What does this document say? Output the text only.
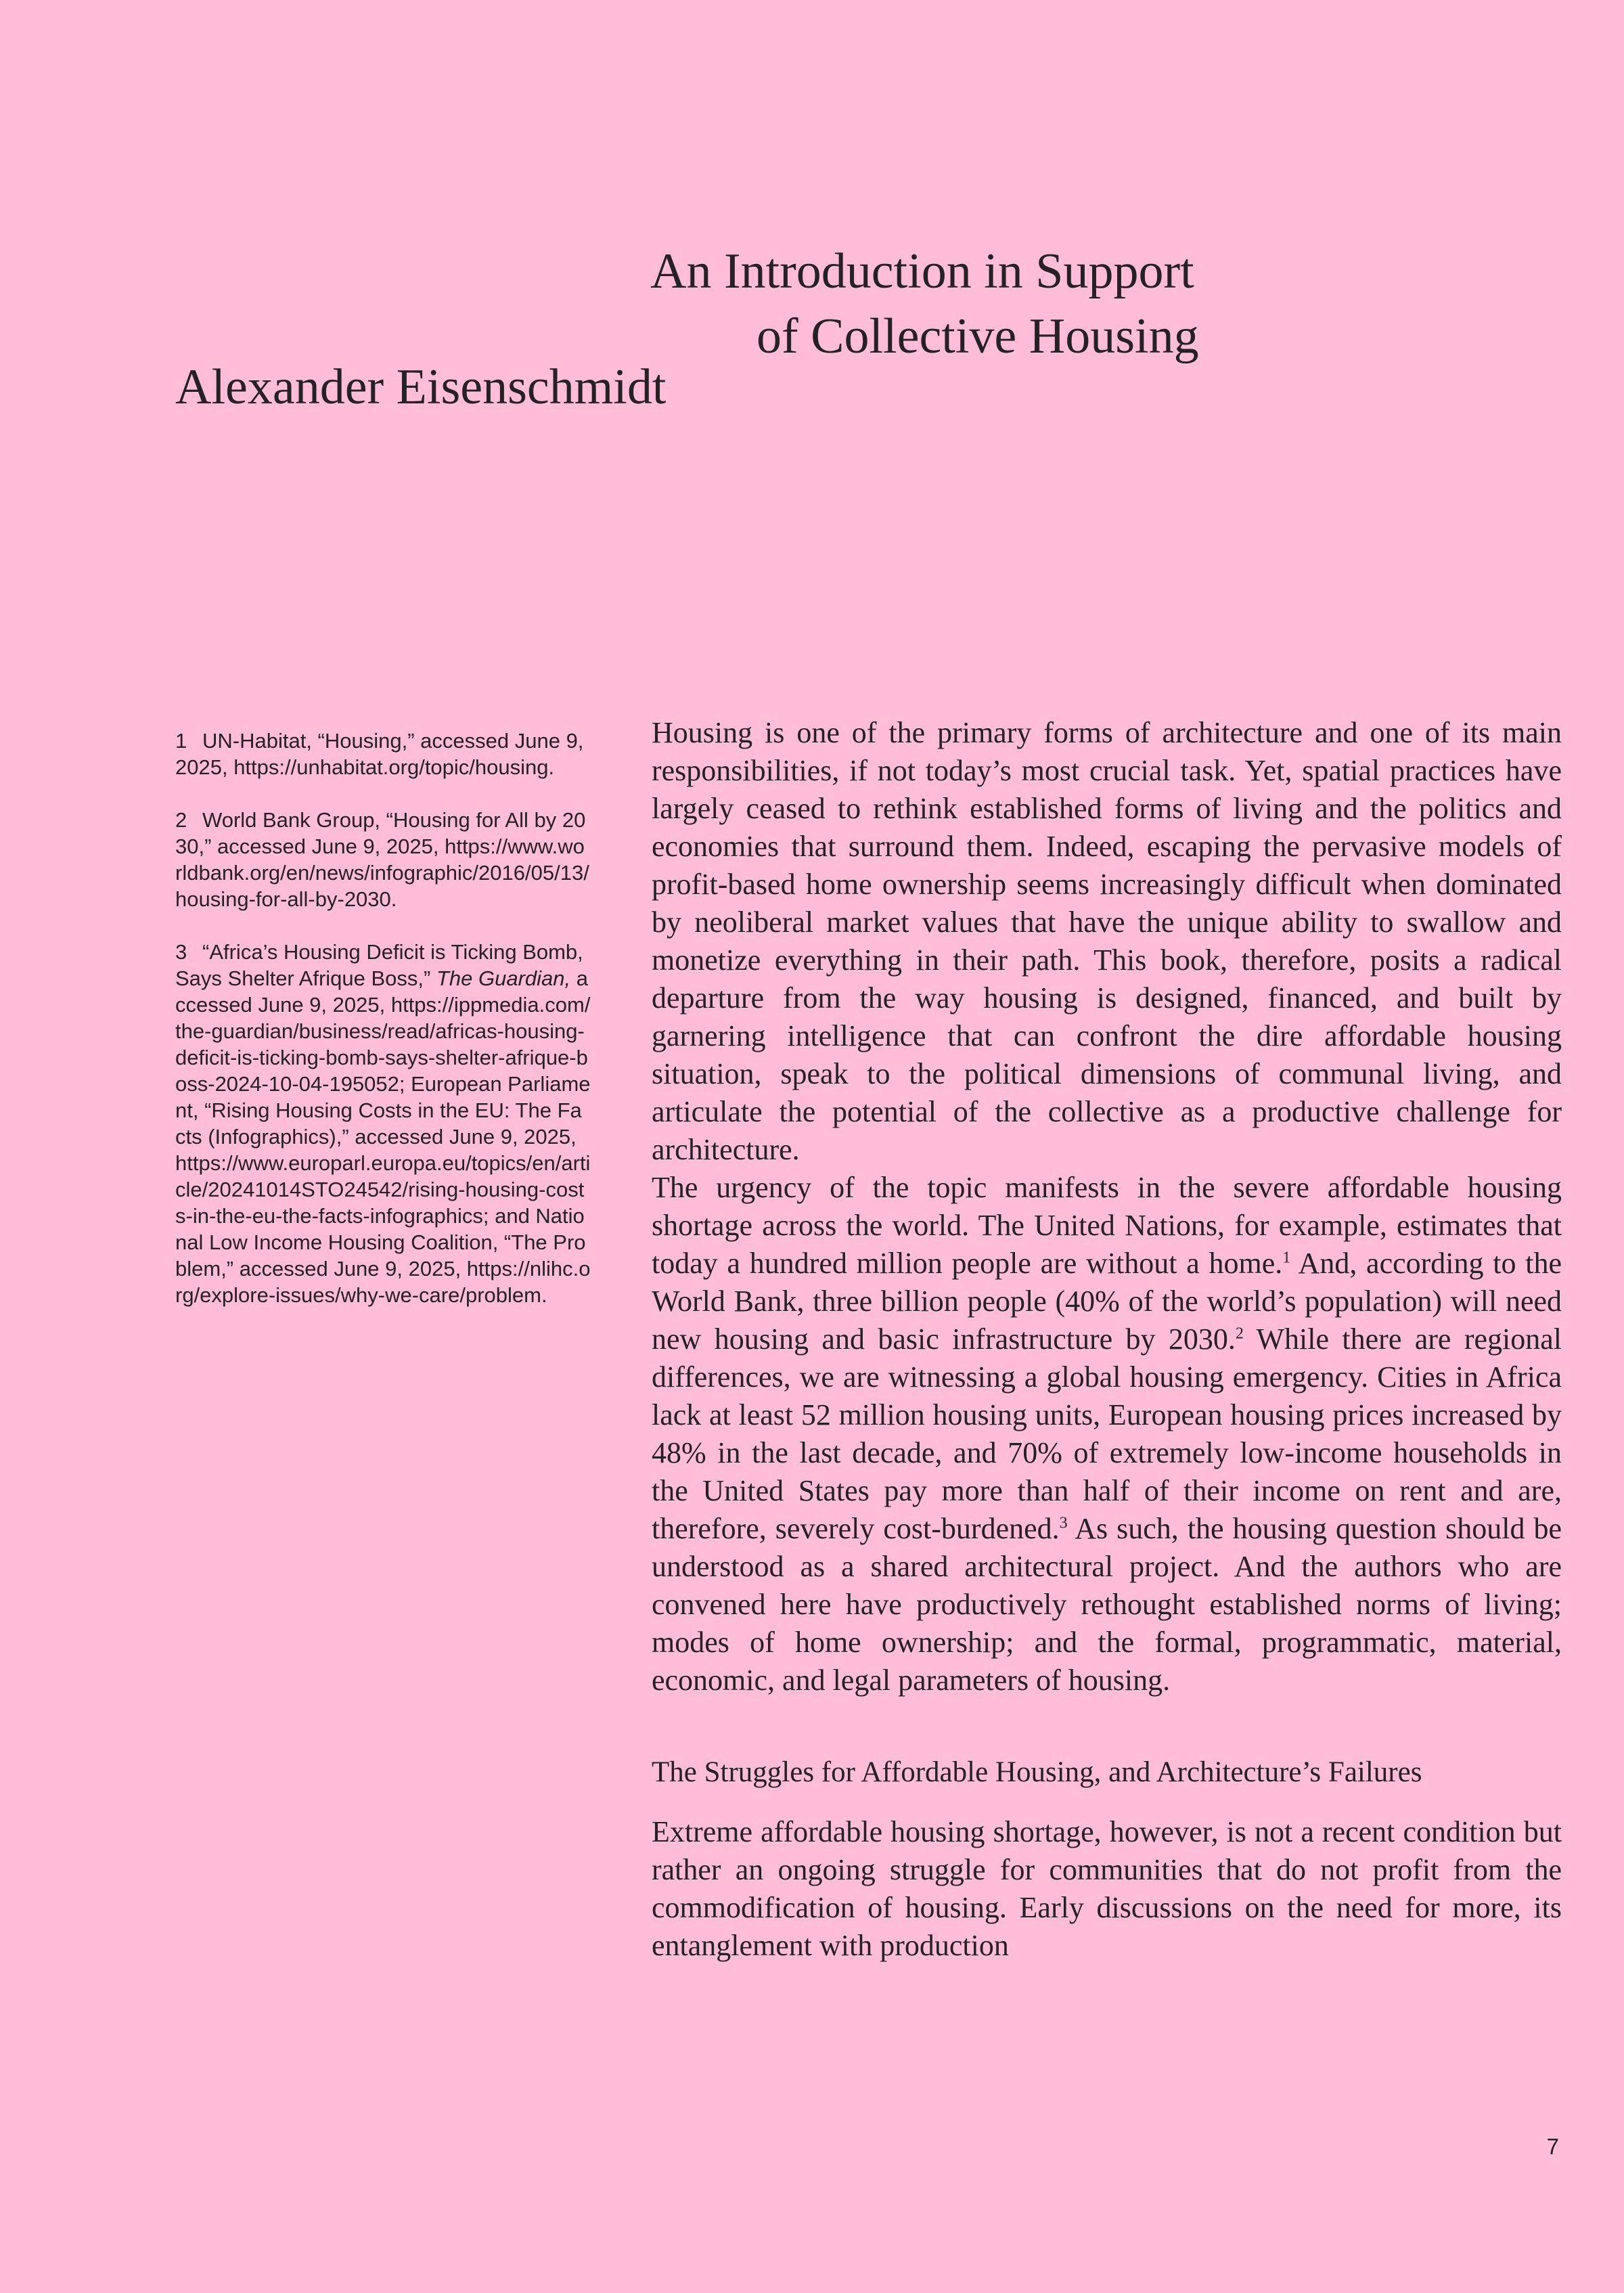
An Introduction in Support
of Collective Housing
Alexander Eisenschmidt

1 UN-Habitat, “Housing,” accessed June 9, 2025, https://unhabitat.org/topic/housing.

2 World Bank Group, “Housing for All by 2030,” accessed June 9, 2025, https://www.worldbank.org/en/news/infographic/2016/05/13/housing-for-all-by-2030.

3 “Africa’s Housing Deficit is Ticking Bomb, Says Shelter Afrique Boss,” The Guardian, accessed June 9, 2025, https://ippmedia.com/the-guardian/business/read/africas-housing-deficit-is-ticking-bomb-says-shelter-afrique-boss-2024-10-04-195052; European Parliament, “Rising Housing Costs in the EU: The Facts (Infographics),” accessed June 9, 2025, https://www.europarl.europa.eu/topics/en/article/20241014STO24542/rising-housing-costs-in-the-eu-the-facts-infographics; and National Low Income Housing Coalition, “The Problem,” accessed June 9, 2025, https://nlihc.org/explore-issues/why-we-care/problem.

Housing is one of the primary forms of architecture and one of its main responsibilities, if not today’s most crucial task. Yet, spatial practices have largely ceased to rethink established forms of living and the politics and economies that surround them. Indeed, escaping the pervasive models of profit-based home ownership seems increasingly difficult when dominated by neoliberal market values that have the unique ability to swallow and monetize everything in their path. This book, therefore, posits a radical departure from the way housing is designed, financed, and built by garnering intelligence that can confront the dire affordable housing situation, speak to the political dimensions of communal living, and articulate the potential of the collective as a productive challenge for architecture.

The urgency of the topic manifests in the severe affordable housing shortage across the world. The United Nations, for example, estimates that today a hundred million people are without a home.$^1$ And, according to the World Bank, three billion people (40% of the world’s population) will need new housing and basic infrastructure by 2030.$^2$ While there are regional differences, we are witnessing a global housing emergency. Cities in Africa lack at least 52 million housing units, European housing prices increased by 48% in the last decade, and 70% of extremely low-income households in the United States pay more than half of their income on rent and are, therefore, severely cost-burdened.$^3$ As such, the housing question should be understood as a shared architectural project. And the authors who are convened here have productively rethought established norms of living; modes of home ownership; and the formal, programmatic, material, economic, and legal parameters of housing.

The Struggles for Affordable Housing, and Architecture’s Failures

Extreme affordable housing shortage, however, is not a recent condition but rather an ongoing struggle for communities that do not profit from the commodification of housing. Early discussions on the need for more, its entanglement with production

7
